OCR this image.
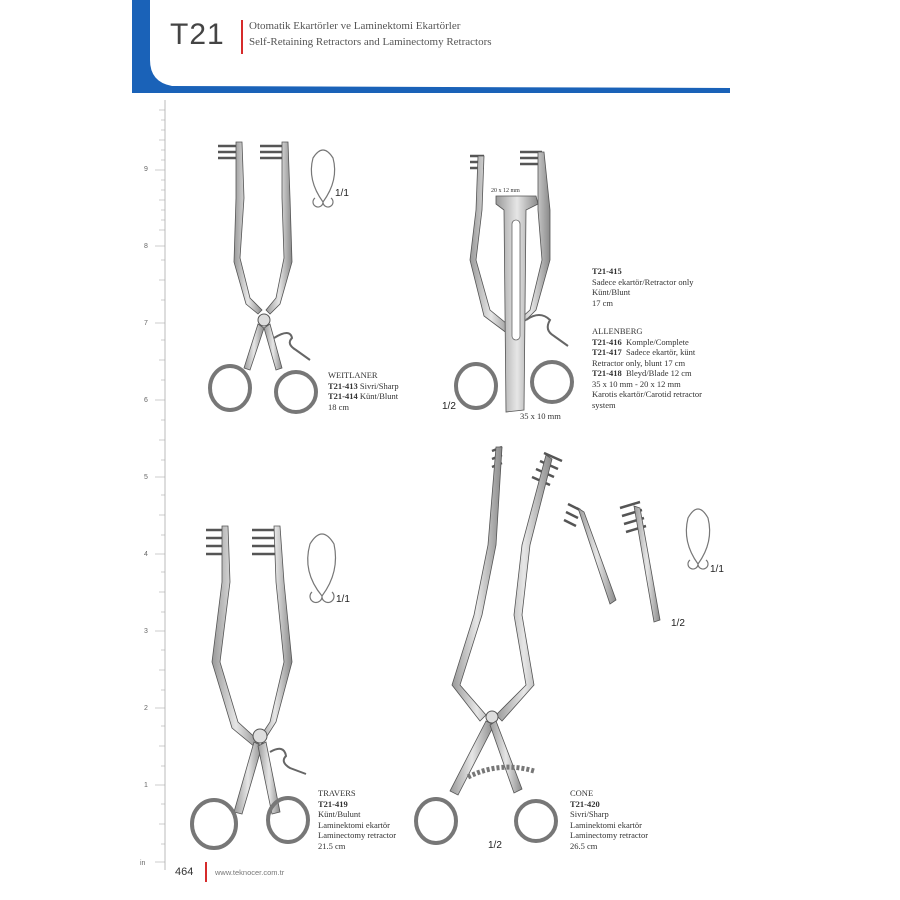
T21 Otomatik Ekartörler ve Laminektomi Ekartörler
Self-Retaining Retractors and Laminectomy Retractors
9
8
7
6
5
4
3
2
1
in
1/1
WEITLANER
T21-413 Sivri/Sharp
T21-414 Künt/Blunt
18 cm
20 x 12 mm
35 x 10 mm
1/2
T21-415
Sadece ekartör/Retractor only
Künt/Blunt
17 cm
ALLENBERG
T21-416 Komple/Complete
T21-417 Sadece ekartör, künt
Retractor only, blunt 17 cm
T21-418 Bleyd/Blade 12 cm
35 x 10 mm - 20 x 12 mm
Karotis ekartör/Carotid retractor
system
1/1
TRAVERS
T21-419
Künt/Bulunt
Laminektomi ekartör
Laminectomy retractor
21.5 cm
1/1
1/2
1/2
CONE
T21-420
Sivri/Sharp
Laminektomi ekartör
Laminectomy retractor
26.5 cm
464	www.teknocer.com.tr
